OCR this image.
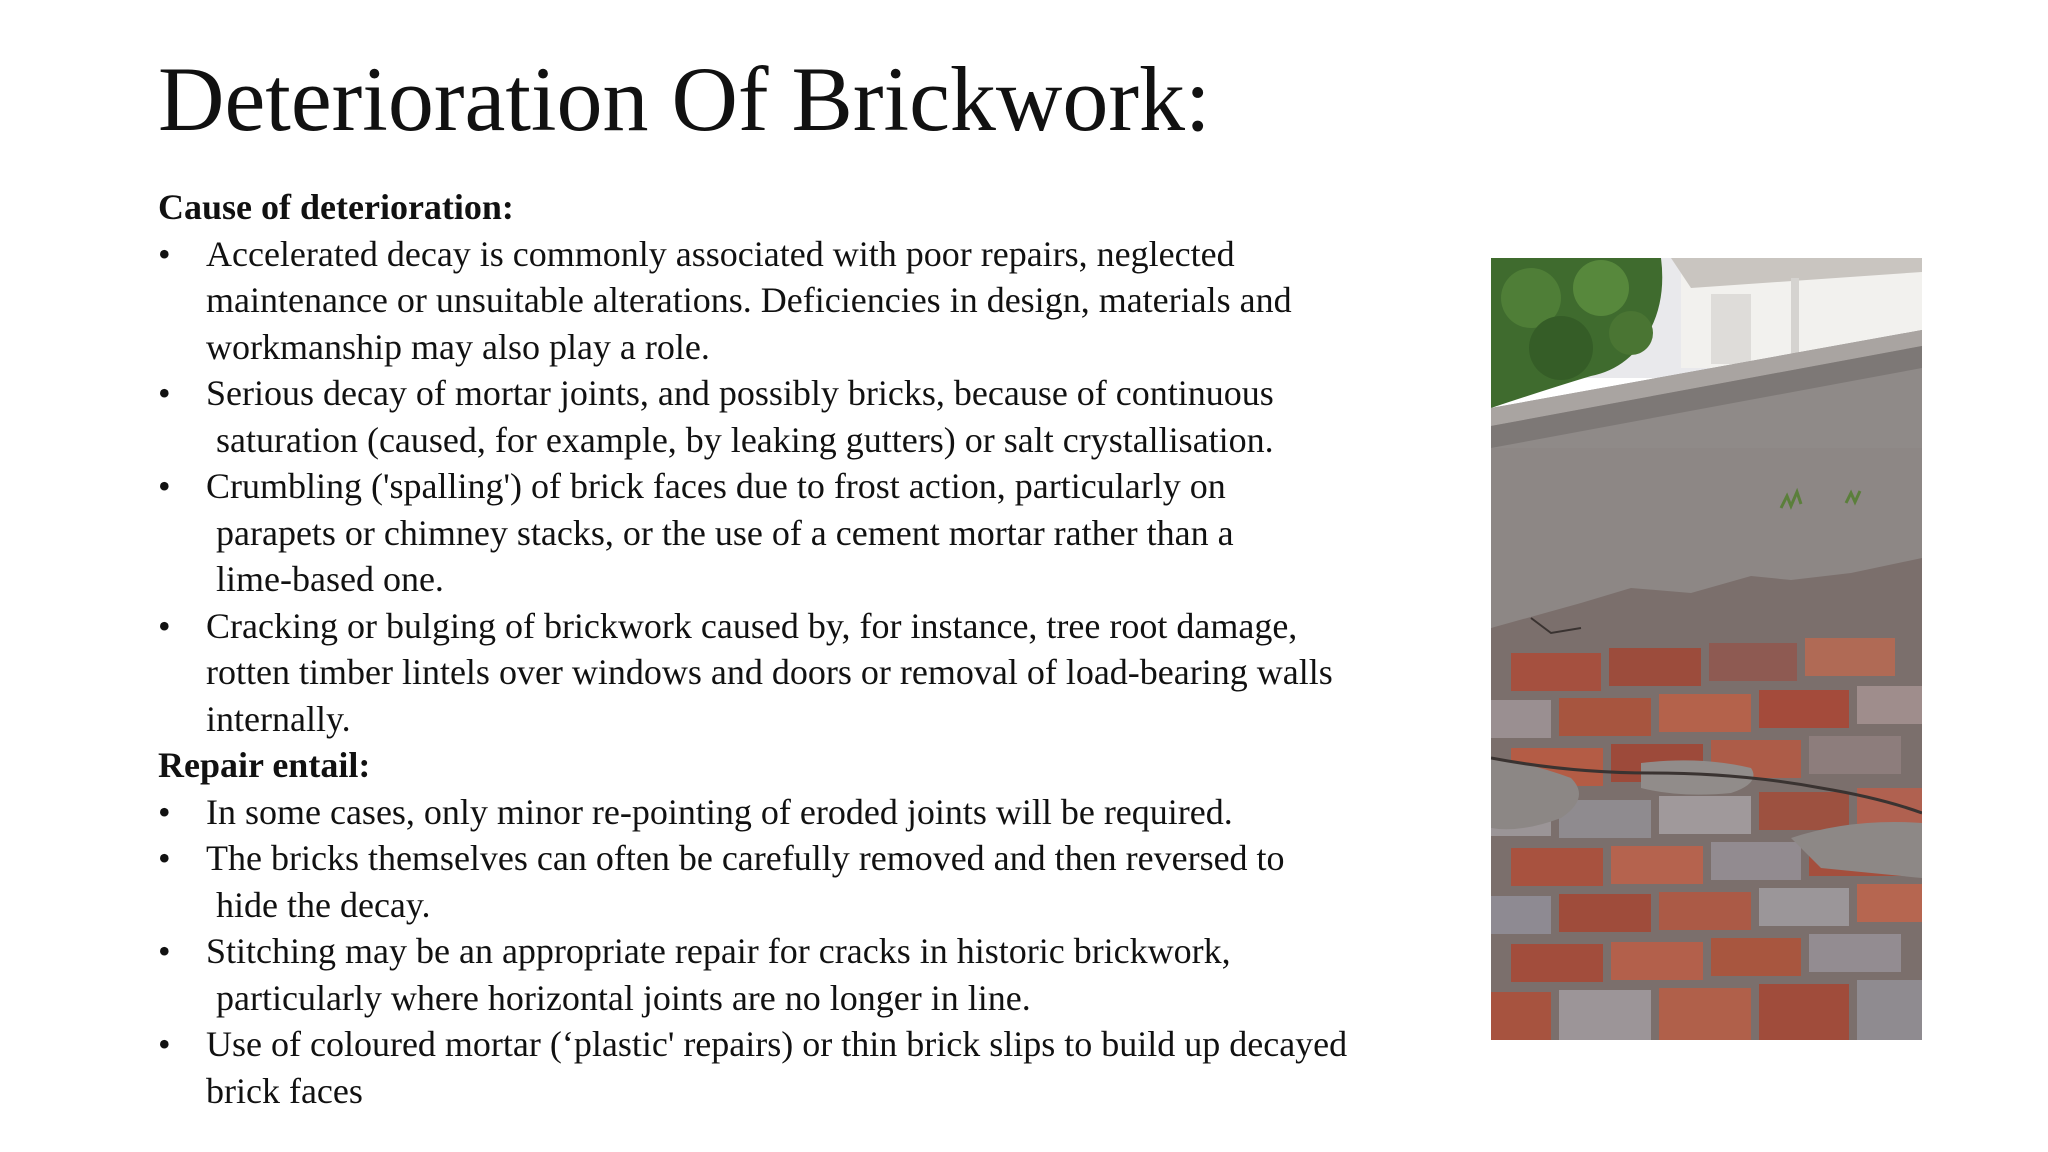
Deterioration Of Brickwork:

Cause of deterioration:

• Accelerated decay is commonly associated with poor repairs, neglected
maintenance or unsuitable alterations. Deficiencies in design, materials and
workmanship may also play a role.
• Serious decay of mortar joints, and possibly bricks, because of continuous
saturation (caused, for example, by leaking gutters) or salt crystallisation.
• Crumbling ('spalling') of brick faces due to frost action, particularly on
parapets or chimney stacks, or the use of a cement mortar rather than a
lime-based one.
• Cracking or bulging of brickwork caused by, for instance, tree root damage,
rotten timber lintels over windows and doors or removal of load-bearing walls
internally.

Repair entail:

• In some cases, only minor re-pointing of eroded joints will be required.
• The bricks themselves can often be carefully removed and then reversed to
hide the decay.
• Stitching may be an appropriate repair for cracks in historic brickwork,
particularly where horizontal joints are no longer in line.
• Use of coloured mortar (‘plastic' repairs) or thin brick slips to build up decayed
brick faces
